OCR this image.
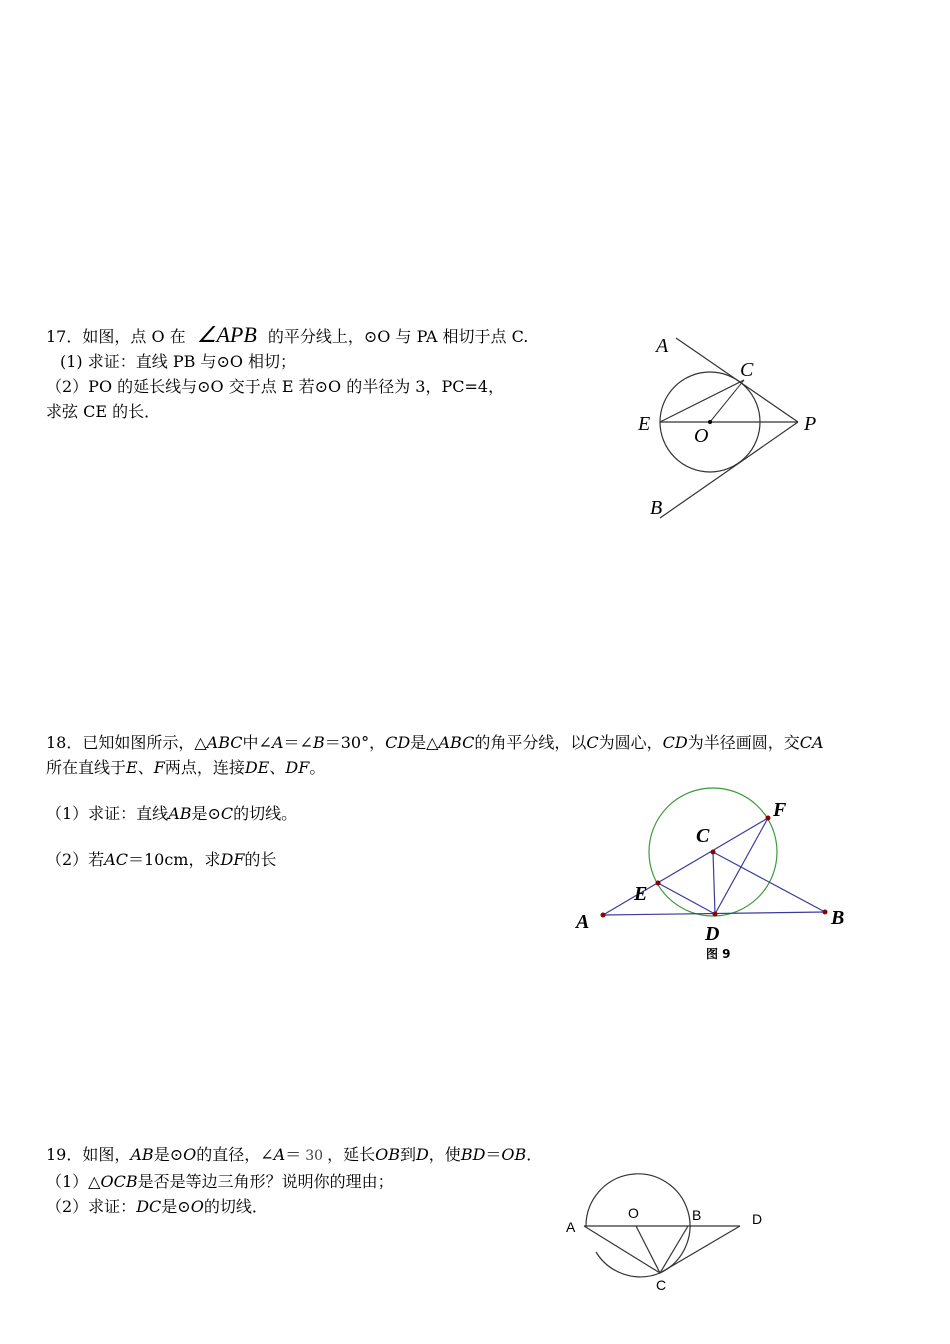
17．如图，点 O 在 ∠APB 的平分线上，⊙O 与 PA 相切于点 C.
(1) 求证：直线 PB 与⊙O 相切；
（2）PO 的延长线与⊙O 交于点 E 若⊙O 的半径为 3，PC=4，
求弦 CE 的长．
A
C
E
O
P
B
18．已知如图所示，△ABC中∠A＝∠B＝30°，CD是△ABC的角平分线，以C为圆心，CD为半径画圆，交CA
所在直线于E、F两点，连接DE、DF。
（1）求证：直线AB是⊙C的切线。
（2）若AC＝10cm，求DF的长
A	B
C
D
E
F
图 9
19．如图，AB是⊙O的直径，∠A＝ 30 ，延长OB到D，使BD＝OB．
（1）△OCB是否是等边三角形？说明你的理由；
（2）求证：DC是⊙O的切线．
A
O	B	D
C
